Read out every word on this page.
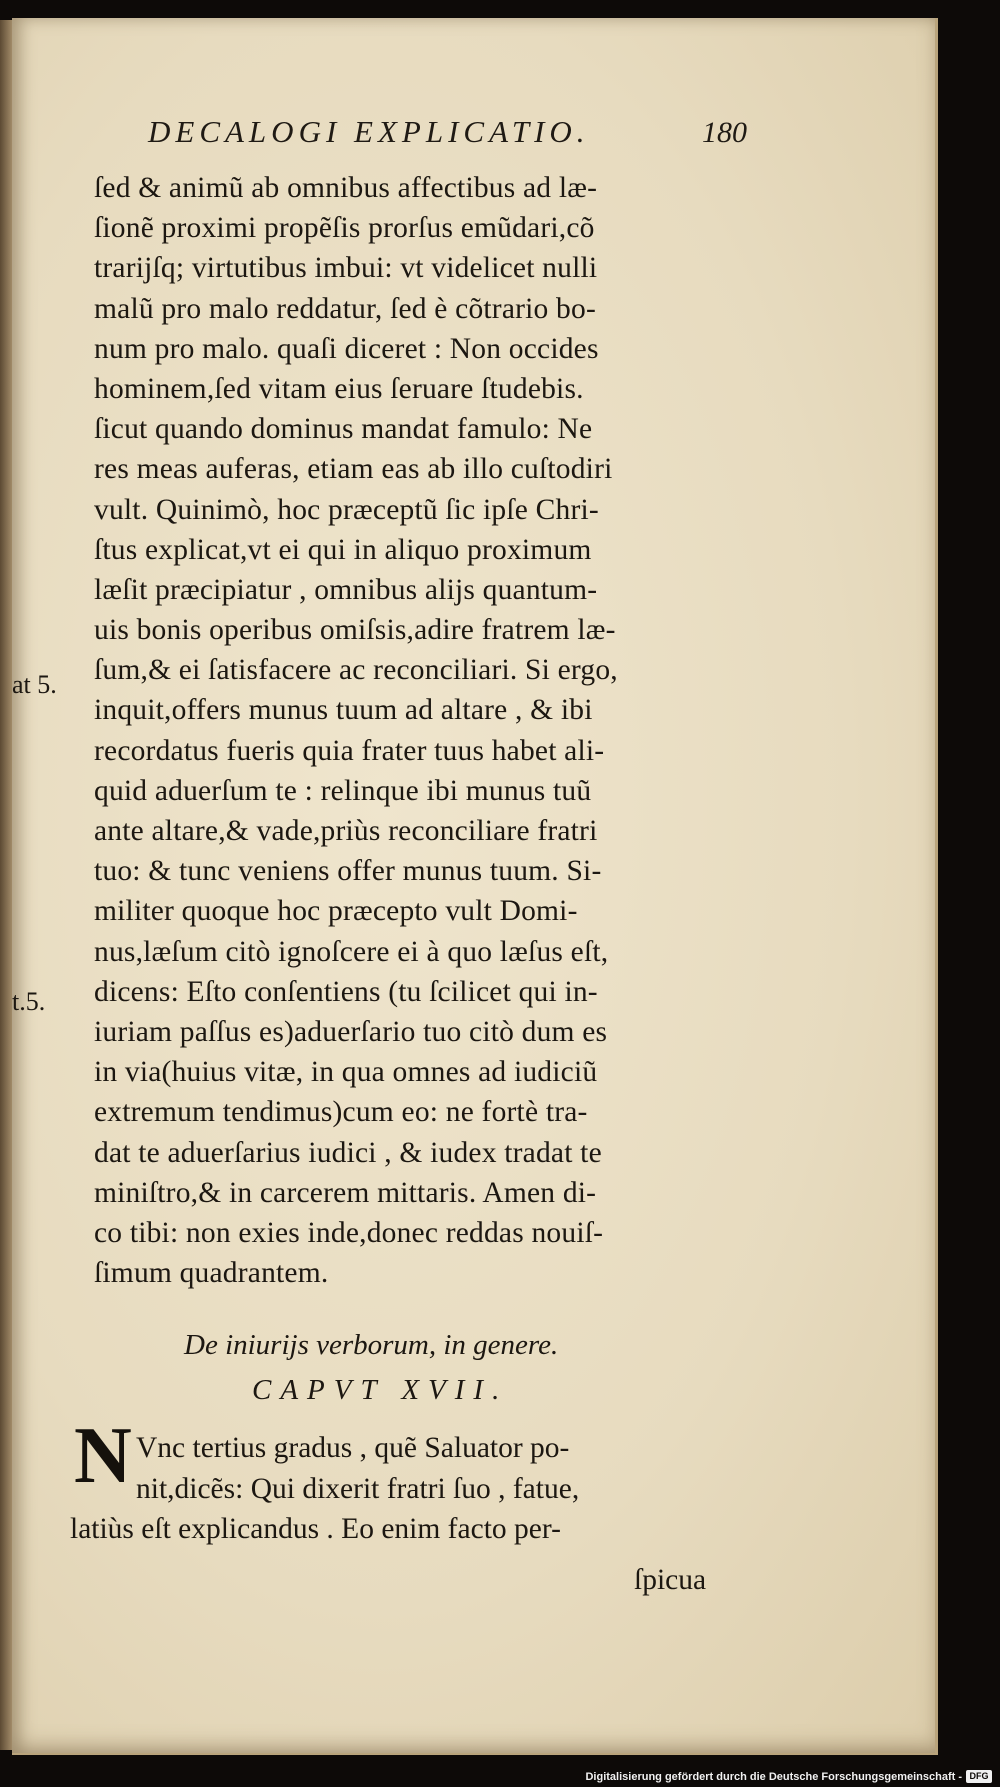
DECALOGI EXPLICATIO.	180
ſed & animũ ab omnibus affectibus ad læ-
ſionẽ proximi propẽſis prorſus emũdari,cõ
trarijſq; virtutibus imbui: vt videlicet nulli
malũ pro malo reddatur, ſed è cõtrario bo-
num pro malo. quaſi diceret : Non occides
hominem,ſed vitam eius ſeruare ſtudebis.
ſicut quando dominus mandat famulo: Ne
res meas auferas, etiam eas ab illo cuſtodiri
vult. Quinimò, hoc præceptũ ſic ipſe Chri-
ſtus explicat,vt ei qui in aliquo proximum
læſit præcipiatur , omnibus alijs quantum-
uis bonis operibus omiſsis,adire fratrem læ-
ſum,& ei ſatisfacere ac reconciliari. Si ergo,
inquit,offers munus tuum ad altare , & ibi
recordatus fueris quia frater tuus habet ali-
quid aduerſum te : relinque ibi munus tuũ
ante altare,& vade,priùs reconciliare fratri
tuo: & tunc veniens offer munus tuum. Si-
militer quoque hoc præcepto vult Domi-
nus,læſum citò ignoſcere ei à quo læſus eſt,
dicens: Eſto conſentiens (tu ſcilicet qui in-
iuriam paſſus es)aduerſario tuo citò dum es
in via(huius vitæ, in qua omnes ad iudiciũ
extremum tendimus)cum eo: ne fortè tra-
dat te aduerſarius iudici , & iudex tradat te
miniſtro,& in carcerem mittaris. Amen di-
co tibi: non exies inde,donec reddas nouiſ-
ſimum quadrantem.
at 5.
t.5.
De iniurijs verborum, in genere.
CAPVT XVII.
N Vnc tertius gradus , quẽ Saluator po-
nit,dicẽs: Qui dixerit fratri ſuo , fatue,
latiùs eſt explicandus . Eo enim facto per-
ſpicua
Digitalisierung gefördert durch die Deutsche Forschungsgemeinschaft - DFG
